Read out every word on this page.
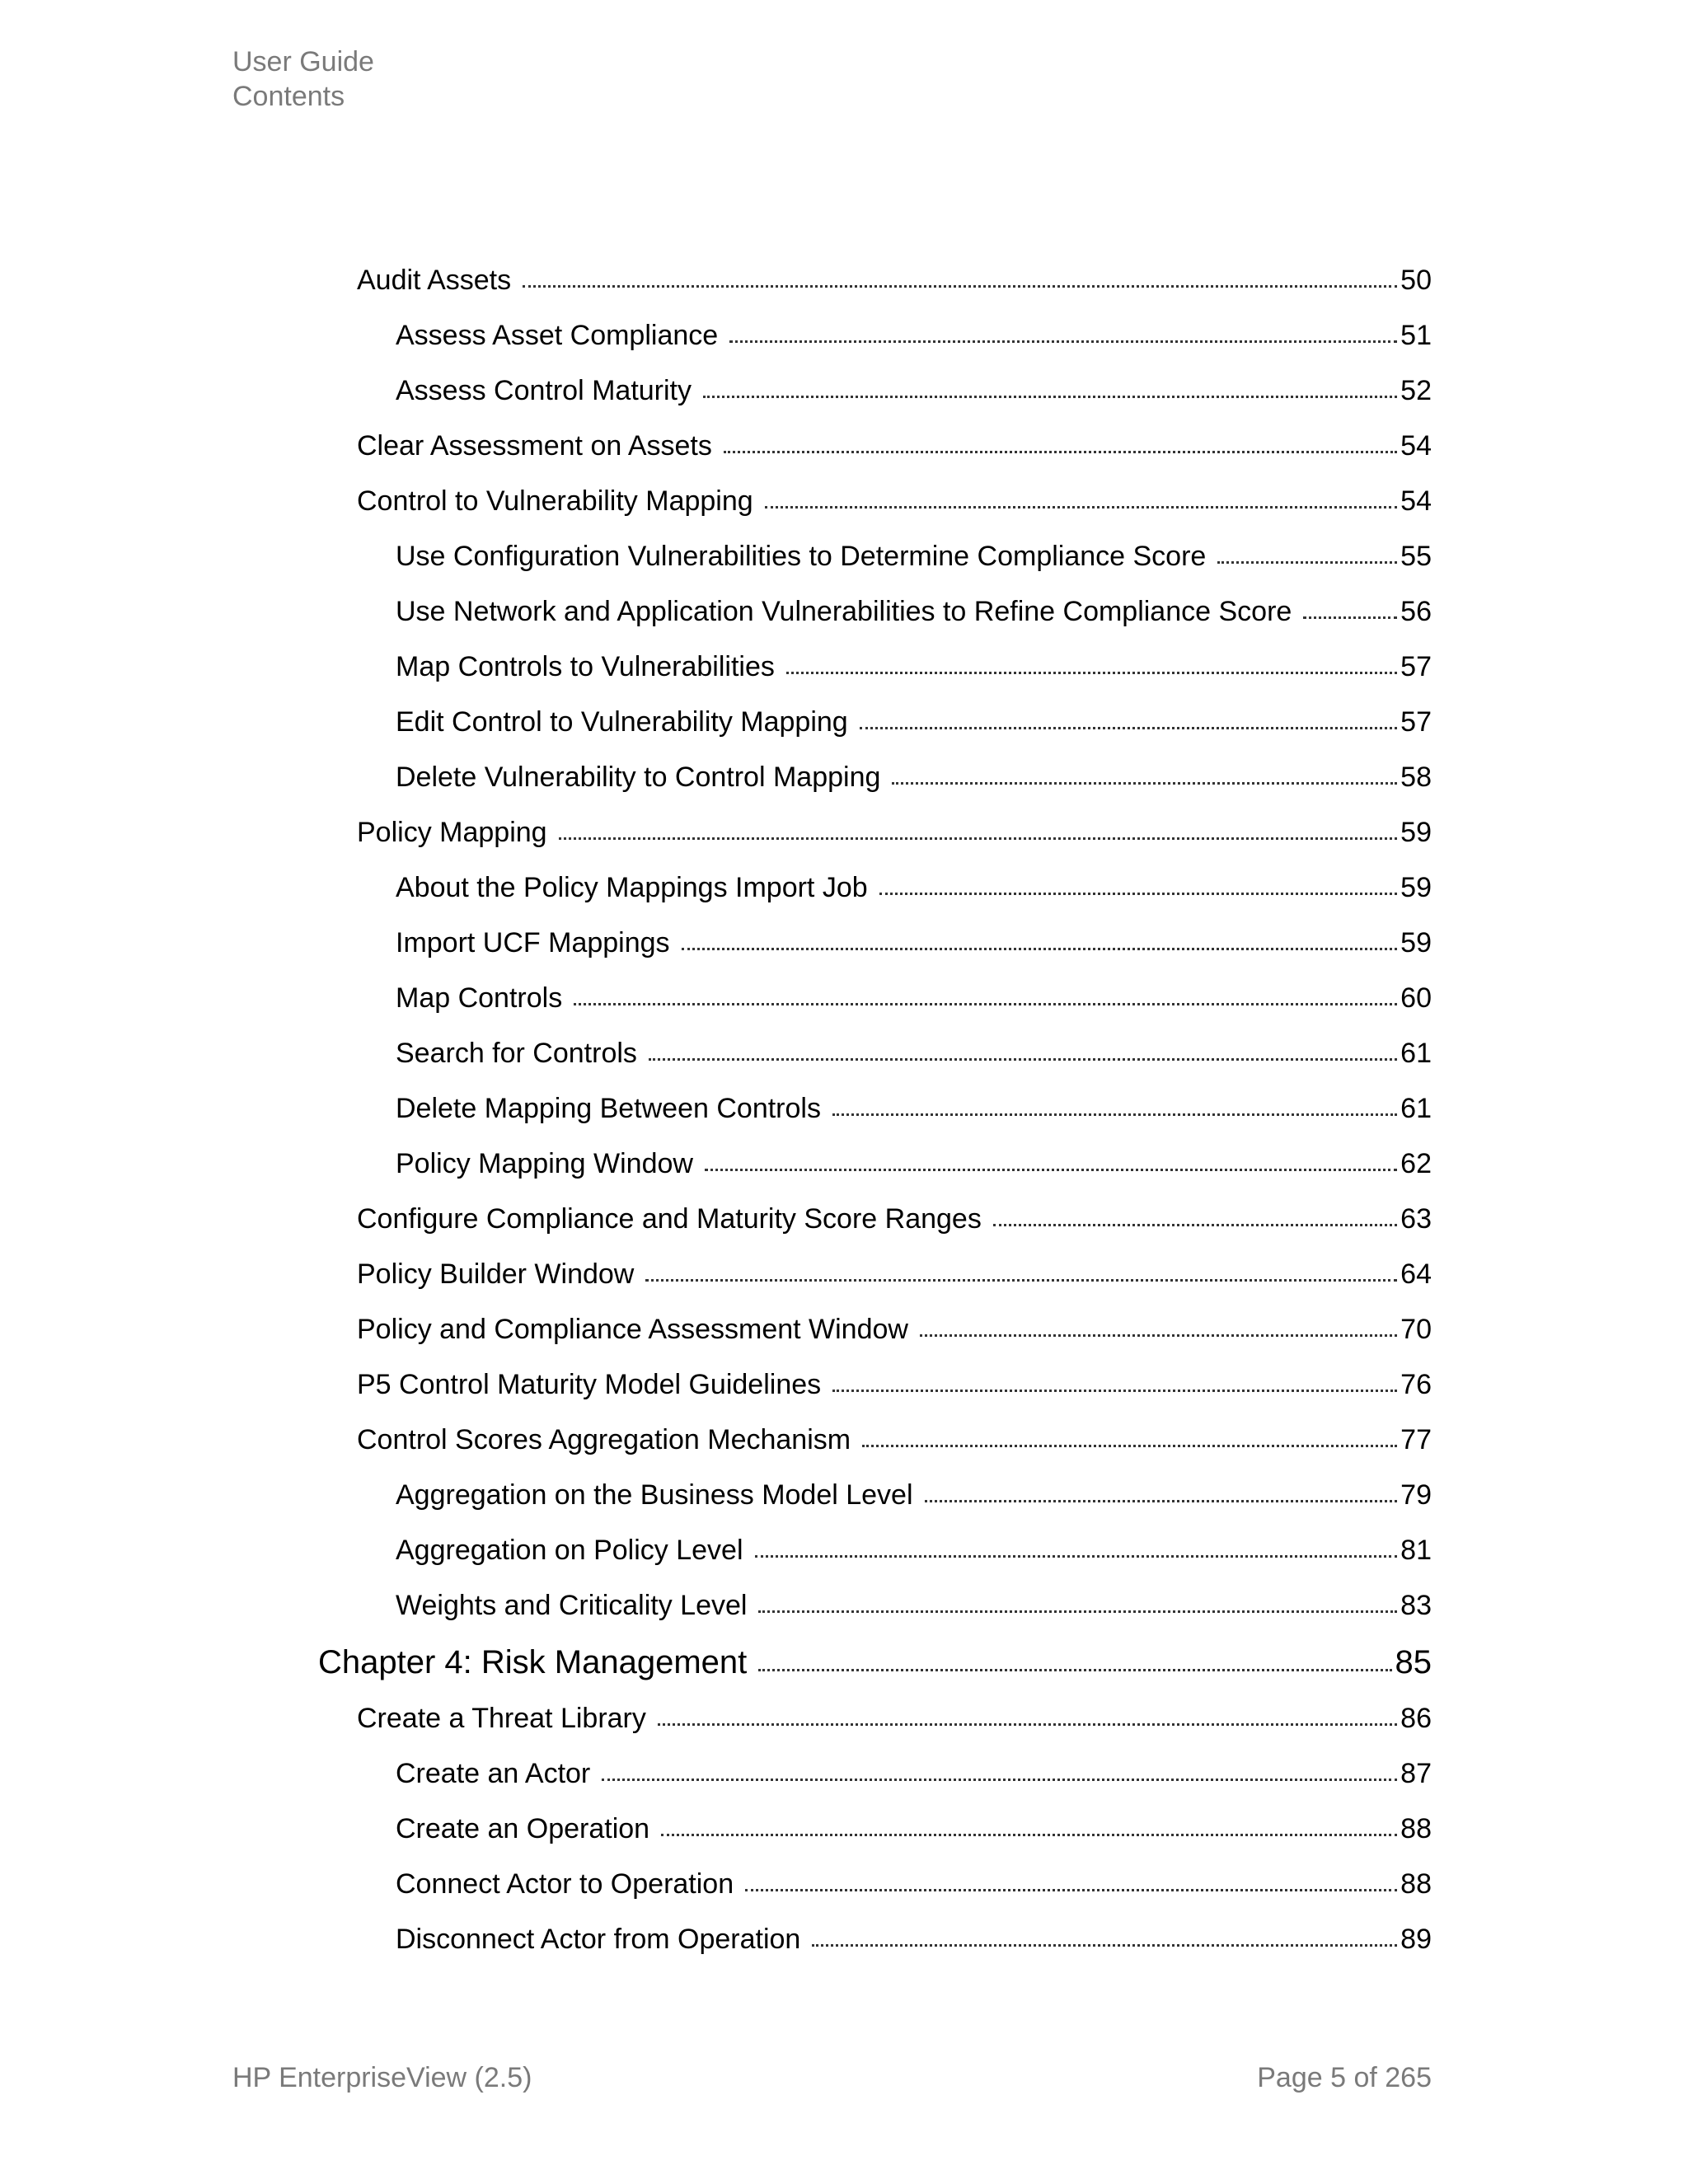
User Guide
Contents
Audit Assets	50
Assess Asset Compliance	51
Assess Control Maturity	52
Clear Assessment on Assets	54
Control to Vulnerability Mapping	54
Use Configuration Vulnerabilities to Determine Compliance Score	55
Use Network and Application Vulnerabilities to Refine Compliance Score	56
Map Controls to Vulnerabilities	57
Edit Control to Vulnerability Mapping	57
Delete Vulnerability to Control Mapping	58
Policy Mapping	59
About the Policy Mappings Import Job	59
Import UCF Mappings	59
Map Controls	60
Search for Controls	61
Delete Mapping Between Controls	61
Policy Mapping Window	62
Configure Compliance and Maturity Score Ranges	63
Policy Builder Window	64
Policy and Compliance Assessment Window	70
P5 Control Maturity Model Guidelines	76
Control Scores Aggregation Mechanism	77
Aggregation on the Business Model Level	79
Aggregation on Policy Level	81
Weights and Criticality Level	83
Chapter 4: Risk Management	85
Create a Threat Library	86
Create an Actor	87
Create an Operation	88
Connect Actor to Operation	88
Disconnect Actor from Operation	89
HP EnterpriseView (2.5)	Page 5 of 265
